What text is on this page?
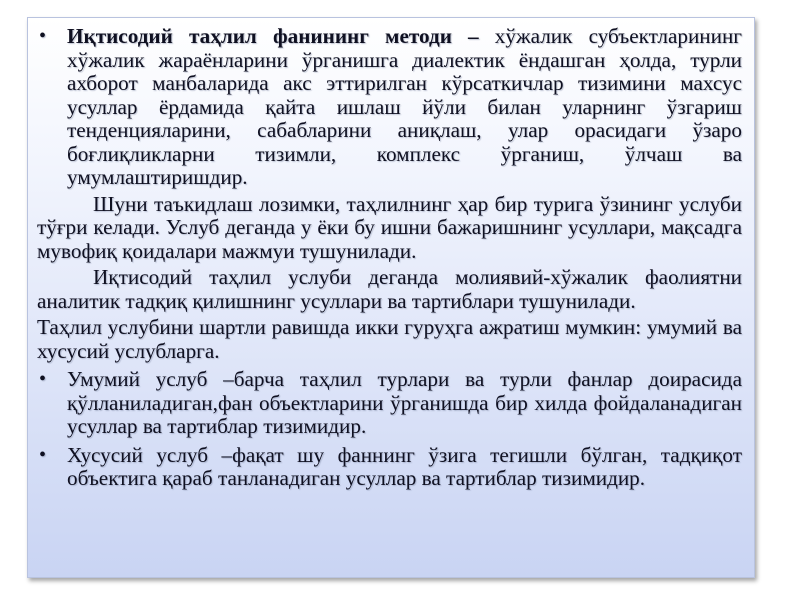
• Иқтисодий таҳлил фанининг методи – хўжалик субъектларининг хўжалик жараёнларини ўрганишга диалектик ёндашган ҳолда, турли ахборот манбаларида акс эттирилган кўрсаткичлар тизимини махсус усуллар ёрдамида қайта ишлаш йўли билан уларнинг ўзгариш тенденцияларини, сабабларини аниқлаш, улар орасидаги ўзаро боғлиқликларни тизимли, комплекс ўрганиш, ўлчаш ва умумлаштиришдир.

Шуни таъкидлаш лозимки, таҳлилнинг ҳар бир турига ўзининг услуби тўғри келади. Услуб деганда у ёки бу ишни бажаришнинг усуллари, мақсадга мувофиқ қоидалари мажмуи тушунилади.

Иқтисодий таҳлил услуби деганда молиявий-хўжалик фаолиятни аналитик тадқиқ қилишнинг усуллари ва тартиблари тушунилади.

Таҳлил услубини шартли равишда икки гуруҳга ажратиш мумкин: умумий ва хусусий услубларга.

• Умумий услуб –барча таҳлил турлари ва турли фанлар доирасида қўлланиладиган,фан объектларини ўрганишда бир хилда фойдаланадиган усуллар ва тартиблар тизимидир.

• Хусусий услуб –фақат шу фаннинг ўзига тегишли бўлган, тадқиқот объектига қараб танланадиган усуллар ва тартиблар тизимидир.
